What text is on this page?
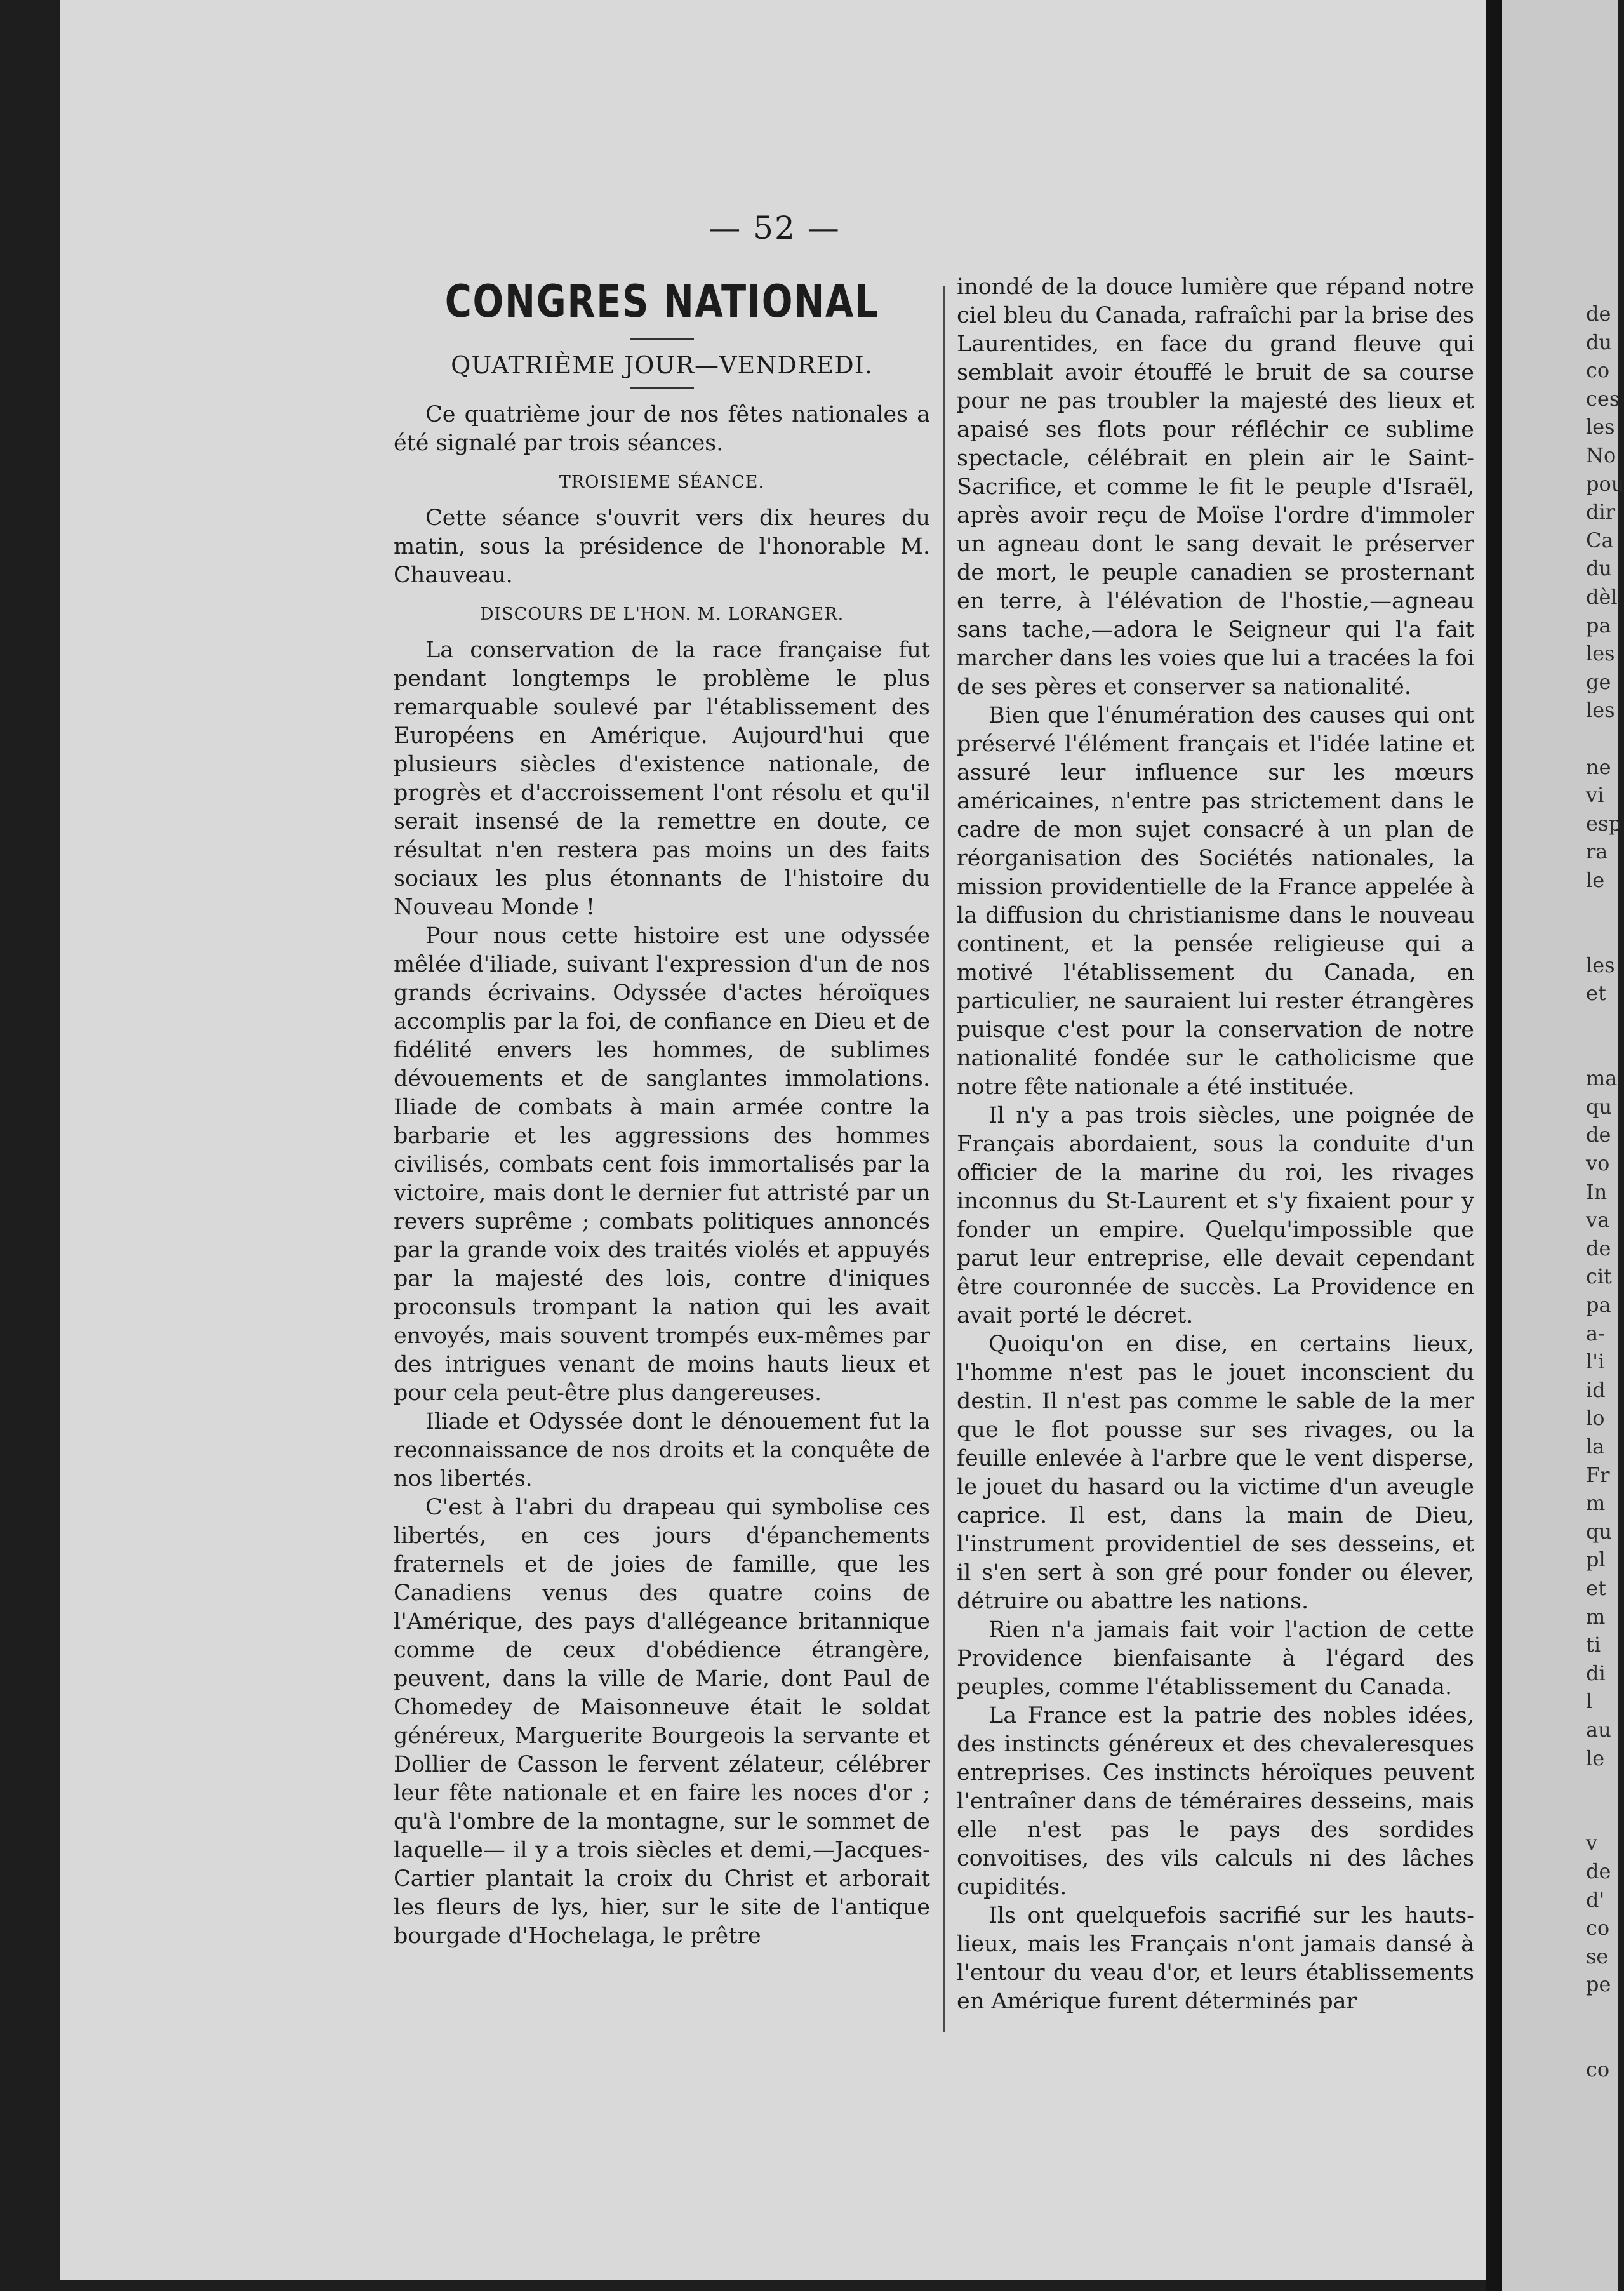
— 52 —
CONGRES NATIONAL
QUATRIÈME JOUR—VENDREDI.

Ce quatrième jour de nos fêtes nationales a été signalé par trois séances.

TROISIEME SÉANCE.

Cette séance s'ouvrit vers dix heures du matin, sous la présidence de l'honorable M. Chauveau.

DISCOURS DE L'HON. M. LORANGER.

La conservation de la race française fut pendant longtemps le problème le plus remarquable soulevé par l'établissement des Européens en Amérique. Aujourd'hui que plusieurs siècles d'existence nationale, de progrès et d'accroissement l'ont résolu et qu'il serait insensé de la remettre en doute, ce résultat n'en restera pas moins un des faits sociaux les plus étonnants de l'histoire du Nouveau Monde !

Pour nous cette histoire est une odyssée mêlée d'iliade, suivant l'expression d'un de nos grands écrivains. Odyssée d'actes héroïques accomplis par la foi, de confiance en Dieu et de fidélité envers les hommes, de sublimes dévouements et de sanglantes immolations. Iliade de combats à main armée contre la barbarie et les aggressions des hommes civilisés, combats cent fois immortalisés par la victoire, mais dont le dernier fut attristé par un revers suprême ; combats politiques annoncés par la grande voix des traités violés et appuyés par la majesté des lois, contre d'iniques proconsuls trompant la nation qui les avait envoyés, mais souvent trompés eux-mêmes par des intrigues venant de moins hauts lieux et pour cela peut-être plus dangereuses.

Iliade et Odyssée dont le dénouement fut la reconnaissance de nos droits et la conquête de nos libertés.

C'est à l'abri du drapeau qui symbolise ces libertés, en ces jours d'épanchements fraternels et de joies de famille, que les Canadiens venus des quatre coins de l'Amérique, des pays d'allégeance britannique comme de ceux d'obédience étrangère, peuvent, dans la ville de Marie, dont Paul de Chomedey de Maisonneuve était le soldat généreux, Marguerite Bourgeois la servante et Dollier de Casson le fervent zélateur, célébrer leur fête nationale et en faire les noces d'or ; qu'à l'ombre de la montagne, sur le sommet de laquelle— il y a trois siècles et demi,—Jacques-Cartier plantait la croix du Christ et arborait les fleurs de lys, hier, sur le site de l'antique bourgade d'Hochelaga, le prêtre

inondé de la douce lumière que répand notre ciel bleu du Canada, rafraîchi par la brise des Laurentides, en face du grand fleuve qui semblait avoir étouffé le bruit de sa course pour ne pas troubler la majesté des lieux et apaisé ses flots pour réfléchir ce sublime spectacle, célébrait en plein air le Saint-Sacrifice, et comme le fit le peuple d'Israël, après avoir reçu de Moïse l'ordre d'immoler un agneau dont le sang devait le préserver de mort, le peuple canadien se prosternant en terre, à l'élévation de l'hostie,—agneau sans tache,—adora le Seigneur qui l'a fait marcher dans les voies que lui a tracées la foi de ses pères et conserver sa nationalité.

Bien que l'énumération des causes qui ont préservé l'élément français et l'idée latine et assuré leur influence sur les mœurs américaines, n'entre pas strictement dans le cadre de mon sujet consacré à un plan de réorganisation des Sociétés nationales, la mission providentielle de la France appelée à la diffusion du christianisme dans le nouveau continent, et la pensée religieuse qui a motivé l'établissement du Canada, en particulier, ne sauraient lui rester étrangères puisque c'est pour la conservation de notre nationalité fondée sur le catholicisme que notre fête nationale a été instituée.

Il n'y a pas trois siècles, une poignée de Français abordaient, sous la conduite d'un officier de la marine du roi, les rivages inconnus du St-Laurent et s'y fixaient pour y fonder un empire. Quelqu'impossible que parut leur entreprise, elle devait cependant être couronnée de succès. La Providence en avait porté le décret.

Quoiqu'on en dise, en certains lieux, l'homme n'est pas le jouet inconscient du destin. Il n'est pas comme le sable de la mer que le flot pousse sur ses rivages, ou la feuille enlevée à l'arbre que le vent disperse, le jouet du hasard ou la victime d'un aveugle caprice. Il est, dans la main de Dieu, l'instrument providentiel de ses desseins, et il s'en sert à son gré pour fonder ou élever, détruire ou abattre les nations.

Rien n'a jamais fait voir l'action de cette Providence bienfaisante à l'égard des peuples, comme l'établissement du Canada.

La France est la patrie des nobles idées, des instincts généreux et des chevaleresques entreprises. Ces instincts héroïques peuvent l'entraîner dans de téméraires desseins, mais elle n'est pas le pays des sordides convoitises, des vils calculs ni des lâches cupidités.

Ils ont quelquefois sacrifié sur les hauts-lieux, mais les Français n'ont jamais dansé à l'entour du veau d'or, et leurs établissements en Amérique furent déterminés par

de
du
co
ces
les
No
pou
dir
Ca
du
dèl
pa
les
ge
les
ne
vi
esp
ra
le
les
et
ma
qu
de
vo
In
va
de
cit
pa
a-
l'i
id
lo
la
Fr
m
qu
pl
et
m
ti
di
l
au
le
v
de
d'
co
se
pe
co
